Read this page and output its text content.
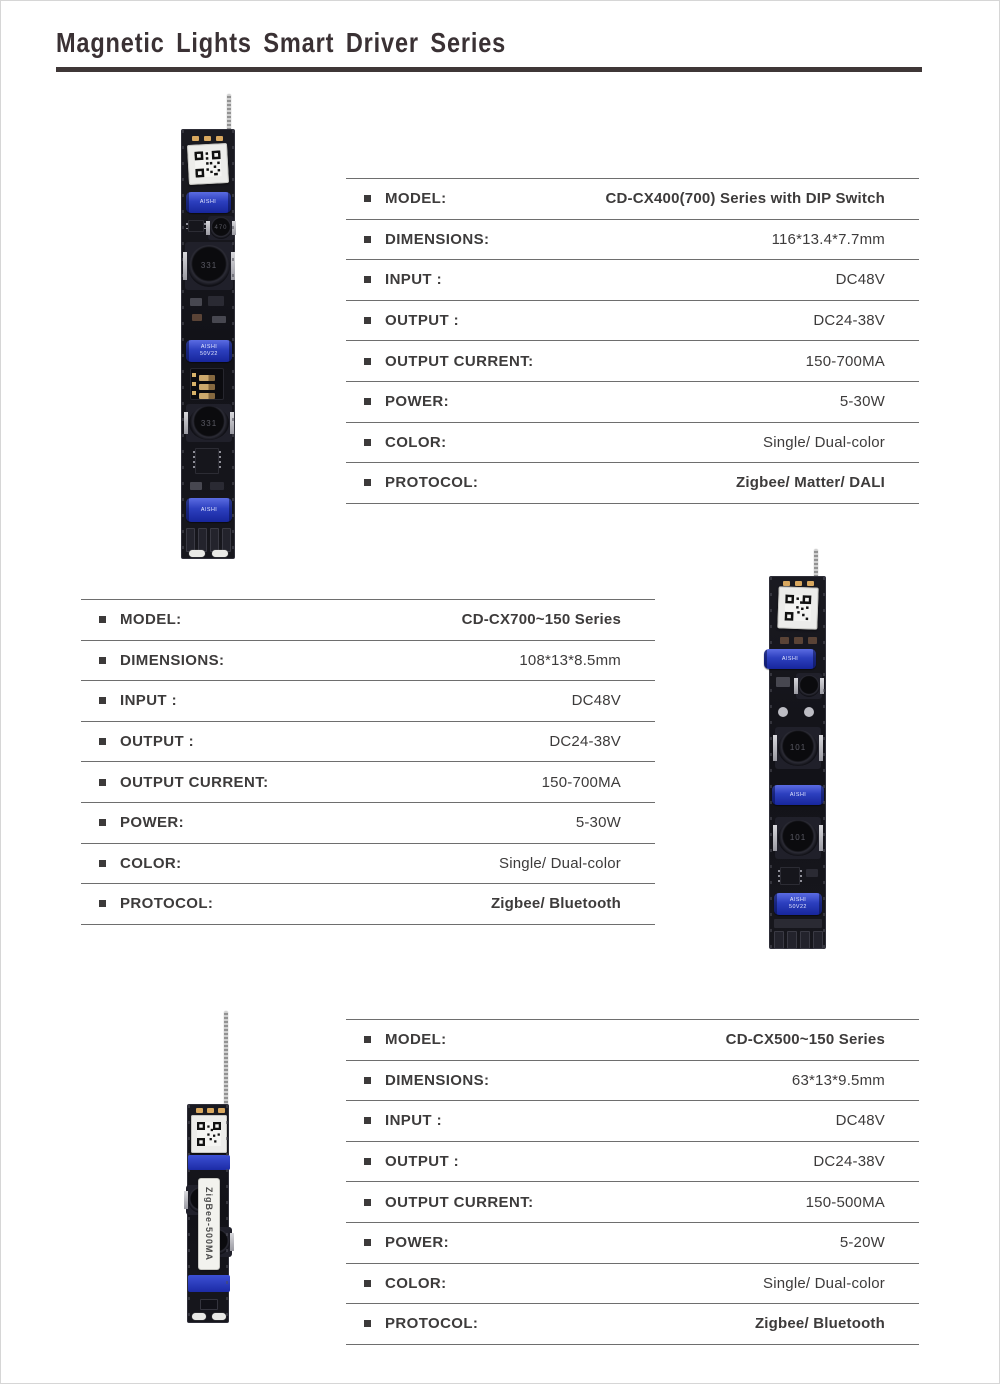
Magnetic Lights Smart Driver Series
MODEL:	CD-CX400(700) Series with DIP Switch
DIMENSIONS:	116*13.4*7.7mm
INPUT :	DC48V
OUTPUT :	DC24-38V
OUTPUT CURRENT:	150-700MA
POWER:	5-30W
COLOR:	Single/ Dual-color
PROTOCOL:	Zigbee/ Matter/ DALI
MODEL:	CD-CX700~150 Series
DIMENSIONS:	108*13*8.5mm
INPUT :	DC48V
OUTPUT :	DC24-38V
OUTPUT CURRENT:	150-700MA
POWER:	5-30W
COLOR:	Single/ Dual-color
PROTOCOL:	Zigbee/ Bluetooth
MODEL:	CD-CX500~150 Series
DIMENSIONS:	63*13*9.5mm
INPUT :	DC48V
OUTPUT :	DC24-38V
OUTPUT CURRENT:	150-500MA
POWER:	5-20W
COLOR:	Single/ Dual-color
PROTOCOL:	Zigbee/ Bluetooth
AISHI
470
331
AISHI
50V22
331
AISHI
AISHI
101
AISHI
101
AISHI
50V22
ZigBee-500MA
